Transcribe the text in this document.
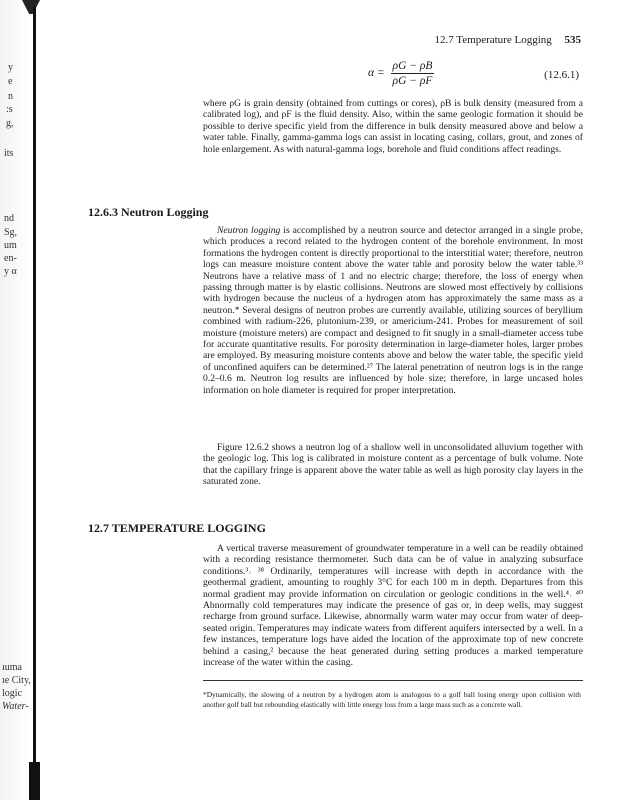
y
e
n
:s
g,
its
nd
Sg,
um
en-
y α
ıuma
ıe City,
logic
Water-
12.7 Temperature Logging 535
$\alpha = \frac{\rho G - \rho B}{\rho G - \rho F}$	(12.6.1)

where ρG is grain density (obtained from cuttings or cores), ρB is bulk density (measured from a calibrated log), and ρF is the fluid density. Also, within the same geologic formation it should be possible to derive specific yield from the difference in bulk density measured above and below a water table. Finally, gamma-gamma logs can assist in locating casing, collars, grout, and zones of hole enlargement. As with natural-gamma logs, borehole and fluid conditions affect readings.

12.6.3 Neutron Logging

Neutron logging is accomplished by a neutron source and detector arranged in a single probe, which produces a record related to the hydrogen content of the borehole environment. In most formations the hydrogen content is directly proportional to the interstitial water; therefore, neutron logs can measure moisture content above the water table and porosity below the water table.³³ Neutrons have a relative mass of 1 and no electric charge; therefore, the loss of energy when passing through matter is by elastic collisions. Neutrons are slowed most effectively by collisions with hydrogen because the nucleus of a hydrogen atom has approximately the same mass as a neutron.* Several designs of neutron probes are currently available, utilizing sources of beryllium combined with radium-226, plutonium-239, or americium-241. Probes for measurement of soil moisture (moisture meters) are compact and designed to fit snugly in a small-diameter access tube for accurate quantitative results. For porosity determination in large-diameter holes, larger probes are employed. By measuring moisture contents above and below the water table, the specific yield of unconfined aquifers can be determined.²⁷ The lateral penetration of neutron logs is in the range 0.2–0.6 m. Neutron log results are influenced by hole size; therefore, in large uncased holes information on hole diameter is required for proper interpretation.

Figure 12.6.2 shows a neutron log of a shallow well in unconsolidated alluvium together with the geologic log. This log is calibrated in moisture content as a percentage of bulk volume. Note that the capillary fringe is apparent above the water table as well as high porosity clay layers in the saturated zone.

12.7 TEMPERATURE LOGGING

A vertical traverse measurement of groundwater temperature in a well can be readily obtained with a recording resistance thermometer. Such data can be of value in analyzing subsurface conditions.³˒ ³⁸ Ordinarily, temperatures will increase with depth in accordance with the geothermal gradient, amounting to roughly 3°C for each 100 m in depth. Departures from this normal gradient may provide information on circulation or geologic conditions in the well.⁴˒ ⁴⁰ Abnormally cold temperatures may indicate the presence of gas or, in deep wells, may suggest recharge from ground surface. Likewise, abnormally warm water may occur from water of deep-seated origin. Temperatures may indicate waters from different aquifers intersected by a well. In a few instances, temperature logs have aided the location of the approximate top of new concrete behind a casing,² because the heat generated during setting produces a marked temperature increase of the water within the casing.

*Dynamically, the slowing of a neutron by a hydrogen atom is analogous to a golf ball losing energy upon collision with another golf ball but rebounding elastically with little energy loss from a large mass such as a concrete wall.
